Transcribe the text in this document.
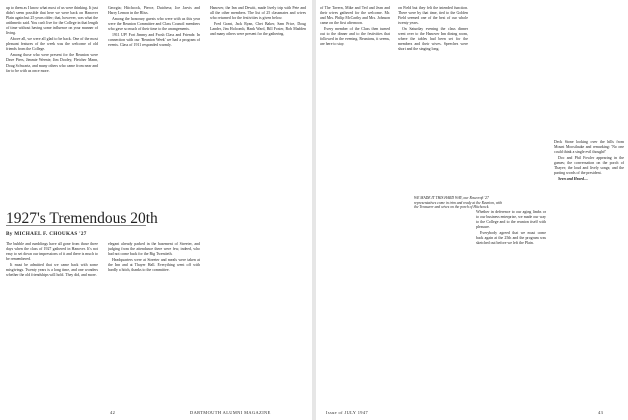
up to them as I know what most of us were thinking. It just didn't seem possible that here we were back on Hanover Plain again but 25 years older; that, however, was what the arithmetic said. You can't live for the College in that length of time without having some influence on your manner of living.

Above all, we were all glad to be back. One of the most pleasant features of the week was the welcome of old friends from the College.

Among those who were present for the Reunion were Dave Piers, Jimmie Weenie, Jim Dooley, Fletcher Mann, Doug Schwartz, and many others who came from near and far to be with us once more.

Georgia; Hitchcock, Pierce, Dutchess; Joe Jarvis and Harry Lemon in the Bliss.

Among the honorary guests who were with us this year were the Reunion Committee and Class Council members who gave so much of their time to the arrangements.

1911 UP! Fort Jimmy and Frosh Class and Friends: In connection with our 'Reunion Week' we had a program of events. Class of 1911 responded warmly.

Hanover, the Inn and Dewitt, made lively trip with Pete and all the other members. The list of 25 classmates and wives who returned for the festivities is given below.

Fred Grant, Jack Ryan, Chet Baker, Sam Price, Doug Lander, Jim Holcomb, Hank Ward, Bill Foster, Bob Madden and many others were present for the gathering.

1927's Tremendous 20th
By MICHAEL F. CHOUKAS '27

The bubble and rumblings have all gone from those three days when the class of 1927 gathered in Hanover. It's not easy to set down our impressions of it and there is much to be remembered.

It must be admitted that we came back with some misgivings. Twenty years is a long time, and one wonders whether the old friendships will hold. They did, and more.

elegant already parked in the basement of Streeter, and judging from the attendance there were few, indeed, who had not come back for the Big Twentieth.

Headquarters were at Streeter and meals were taken at the Inn and at Thayer Hall. Everything went off with hardly a hitch, thanks to the committee.

42	DARTMOUTH ALUMNI MAGAZINE

of The Tavern, Mike and Ted and Jean and their wives gathered for the welcome. Mr. and Mrs. Philip McCarthy and Mrs. Johnson came on the first afternoon.

Every member of the Class then turned out to the dinner and to the festivities that followed in the evening. Reunions, it seems, are here to stay.

on Field but they felt the intended function. There were by that time, tied to the Golden Field seemed one of the best of our whole twenty years.

On Saturday evening the class dinner went over to the Hanover Inn dining room, where the tables had been set for the members and their wives. Speeches were short and the singing long.

Whether in deference to our aging limbs or to our business enterprise, we made our way to the College and to the reunion itself with pleasure.

Everybody agreed that we must come back again at the 25th and the program was sketched out before we left the Plain.

Deck Stone looking over the hills from Mount Moosilauke and remarking: 'No one could think a single evil thought!'

Doc and Phil Fowler appearing in the games; the conversation on the porch of Thayer; the loud and lively songs; and the parting words of the president.

Seen and Heard—

Issue of JULY 1947	43
WE MADE IT THIS HARD WAY, our Rosecroft '27 representatives come in trim and ready at the Reunion, with the Treasurer and wives on the porch of Hitchcock.
